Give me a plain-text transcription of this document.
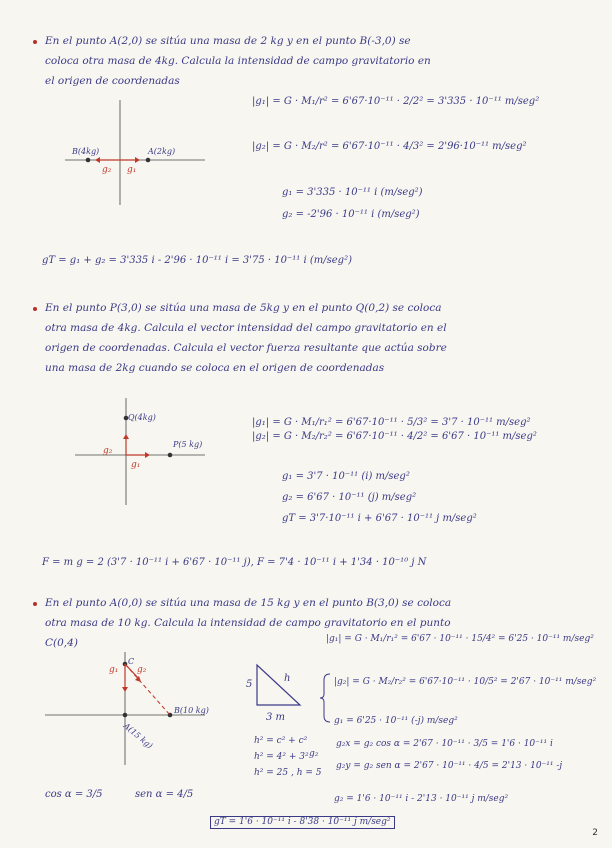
En el punto A(2,0) se sitúa una masa de 2 kg y en el punto B(-3,0) se
coloca otra masa de 4kg. Calcula la intensidad de campo gravitatorio en
el origen de coordenadas
B(4kg)	A(2kg)
g₂ g₁
|g₁| = G · M₁/r² = 6'67·10⁻¹¹ · 2/2² = 3'335 · 10⁻¹¹ m/seg²
|g₂| = G · M₂/r² = 6'67·10⁻¹¹ · 4/3² = 2'96·10⁻¹¹ m/seg²
g₁ = 3'335 · 10⁻¹¹ i (m/seg²)
g₂ = -2'96 · 10⁻¹¹ i (m/seg²)
gT = g₁ + g₂ = 3'335 i - 2'96 · 10⁻¹¹ i = 3'75 · 10⁻¹¹ i (m/seg²)
En el punto P(3,0) se sitúa una masa de 5kg y en el punto Q(0,2) se coloca
otra masa de 4kg. Calcula el vector intensidad del campo gravitatorio en el
origen de coordenadas. Calcula el vector fuerza resultante que actúa sobre
una masa de 2kg cuando se coloca en el origen de coordenadas
Q(4kg)
P(5 kg)
g₂
g₁
|g₁| = G · M₁/r₁² = 6'67·10⁻¹¹ · 5/3² = 3'7 · 10⁻¹¹ m/seg²
|g₂| = G · M₂/r₂² = 6'67·10⁻¹¹ · 4/2² = 6'67 · 10⁻¹¹ m/seg²
g₁ = 3'7 · 10⁻¹¹ (i) m/seg²
g₂ = 6'67 · 10⁻¹¹ (j) m/seg²
gT = 3'7·10⁻¹¹ i + 6'67 · 10⁻¹¹ j m/seg²
F = m g = 2 (3'7 · 10⁻¹¹ i + 6'67 · 10⁻¹¹ j), F = 7'4 · 10⁻¹¹ i + 1'34 · 10⁻¹⁰ j N
En el punto A(0,0) se sitúa una masa de 15 kg y en el punto B(3,0) se coloca
otra masa de 10 kg. Calcula la intensidad de campo gravitatorio en el punto
C(0,4)
g₁
C
g₂
B(10 kg)
A(15 kg)
5
h
3 m
h² = c² + c²
h² = 4² + 3²
h² = 25 , h = 5
cos α = 3/5	sen α = 4/5
|g₁| = G · M₁/r₁² = 6'67 · 10⁻¹¹ · 15/4² = 6'25 · 10⁻¹¹ m/seg²
|g₂| = G · M₂/r₂² = 6'67·10⁻¹¹ · 10/5² = 2'67 · 10⁻¹¹ m/seg²
g₁ = 6'25 · 10⁻¹¹ (-j) m/seg²
g₂
g₂x = g₂ cos α = 2'67 · 10⁻¹¹ · 3/5 = 1'6 · 10⁻¹¹ i
g₂y = g₂ sen α = 2'67 · 10⁻¹¹ · 4/5 = 2'13 · 10⁻¹¹ -j
g₂ = 1'6 · 10⁻¹¹ i - 2'13 · 10⁻¹¹ j m/seg²
gT = 1'6 · 10⁻¹¹ i - 8'38 · 10⁻¹¹ j m/seg²
2
